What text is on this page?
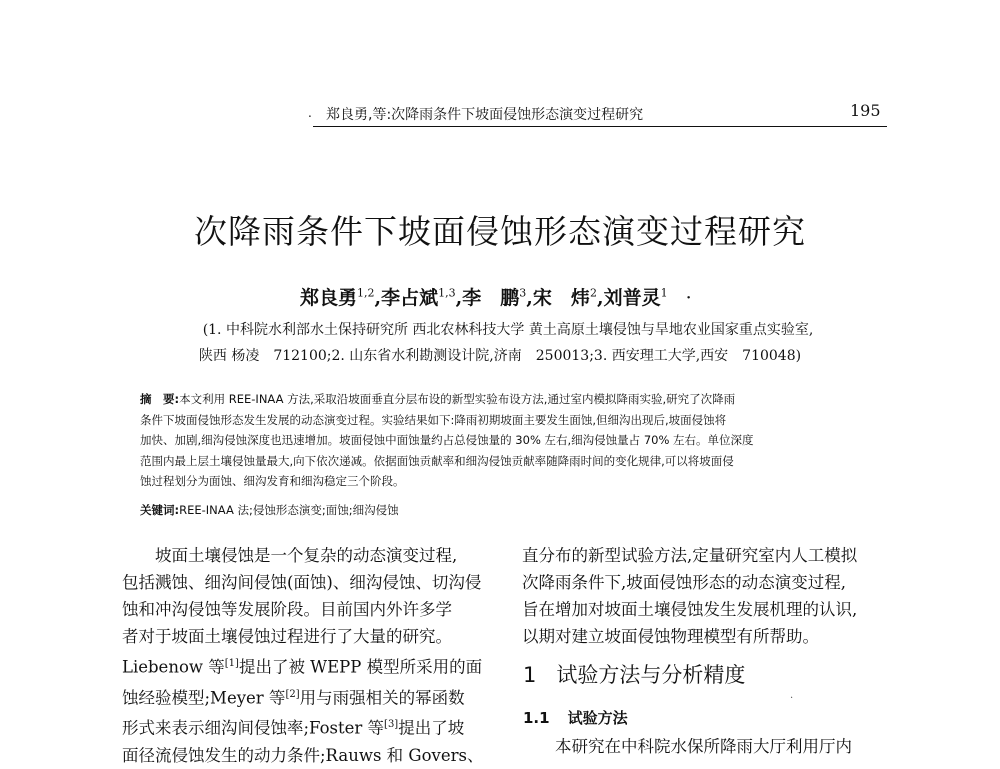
. 郑良勇,等:次降雨条件下坡面侵蚀形态演变过程研究	195
次降雨条件下坡面侵蚀形态演变过程研究
郑良勇$^{1,2}$,李占斌$^{1,3}$,李　鹏$^3$,宋　炜$^2$,刘普灵$^1$ ·
(1. 中科院水利部水土保持研究所 西北农林科技大学 黄土高原土壤侵蚀与旱地农业国家重点实验室,
陕西 杨凌　712100;2. 山东省水利勘测设计院,济南　250013;3. 西安理工大学,西安　710048)

摘　要:本文利用 REE-INAA 方法,采取沿坡面垂直分层布设的新型实验布设方法,通过室内模拟降雨实验,研究了次降雨

条件下坡面侵蚀形态发生发展的动态演变过程。实验结果如下:降雨初期坡面主要发生面蚀,但细沟出现后,坡面侵蚀将

加快、加剧,细沟侵蚀深度也迅速增加。坡面侵蚀中面蚀量约占总侵蚀量的 30% 左右,细沟侵蚀量占 70% 左右。单位深度

范围内最上层土壤侵蚀量最大,向下依次递减。依据面蚀贡献率和细沟侵蚀贡献率随降雨时间的变化规律,可以将坡面侵

蚀过程划分为面蚀、细沟发育和细沟稳定三个阶段。

关键词:REE-INAA 法;侵蚀形态演变;面蚀;细沟侵蚀

　　坡面土壤侵蚀是一个复杂的动态演变过程,

包括溅蚀、细沟间侵蚀(面蚀)、细沟侵蚀、切沟侵

蚀和冲沟侵蚀等发展阶段。目前国内外许多学

者对于坡面土壤侵蚀过程进行了大量的研究。

Liebenow 等[1]提出了被 WEPP 模型所采用的面

蚀经验模型;Meyer 等[2]用与雨强相关的幂函数

形式来表示细沟间侵蚀率;Foster 等[3]提出了坡

面径流侵蚀发生的动力条件;Rauws 和 Govers、

直分布的新型试验方法,定量研究室内人工模拟

次降雨条件下,坡面侵蚀形态的动态演变过程,

旨在增加对坡面土壤侵蚀发生发展机理的认识,

以期对建立坡面侵蚀物理模型有所帮助。

1 试验方法与分析精度
.
1.1 试验方法
本研究在中科院水保所降雨大厅利用厅内
